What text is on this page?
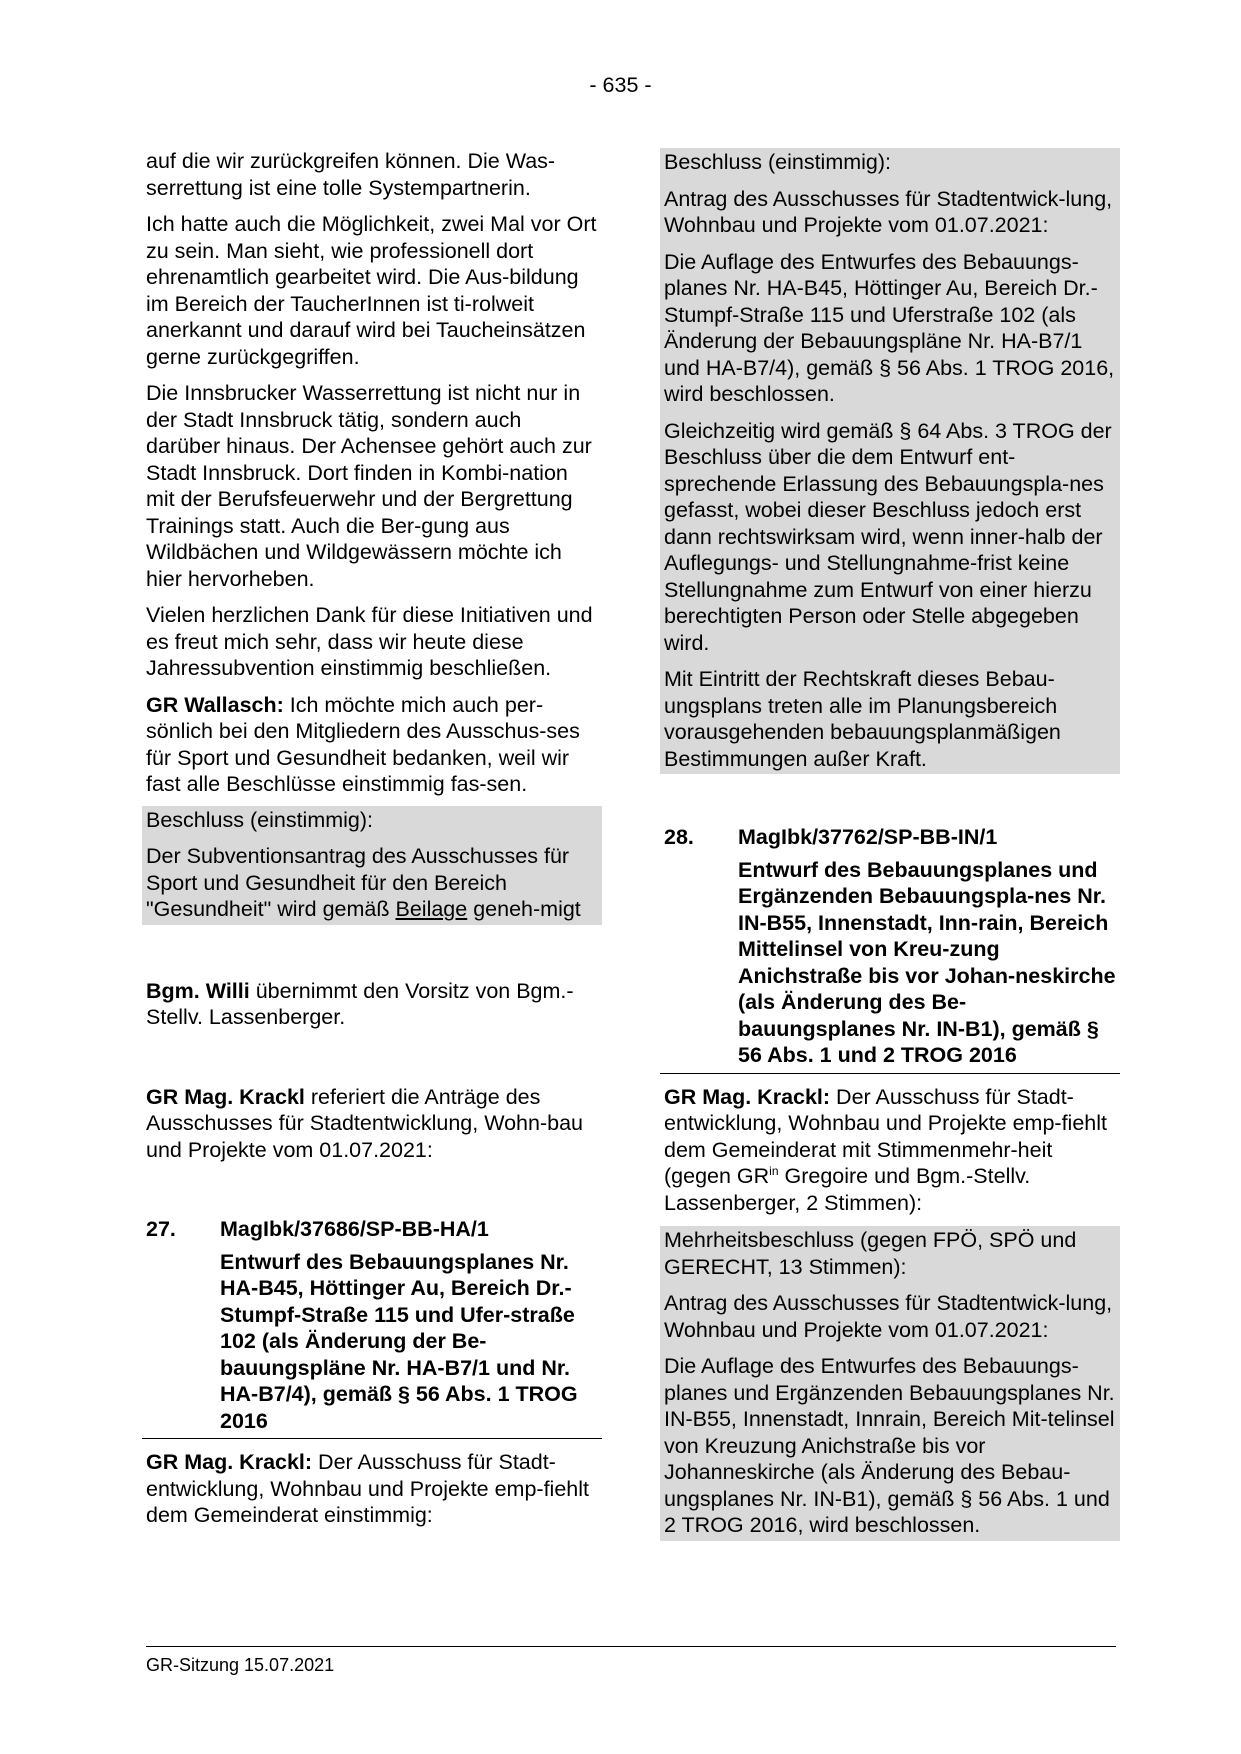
- 635 -

auf die wir zurückgreifen können. Die Was-serrettung ist eine tolle Systempartnerin.

Ich hatte auch die Möglichkeit, zwei Mal vor Ort zu sein. Man sieht, wie professionell dort ehrenamtlich gearbeitet wird. Die Aus-bildung im Bereich der TaucherInnen ist ti-rolweit anerkannt und darauf wird bei Taucheinsätzen gerne zurückgegriffen.

Die Innsbrucker Wasserrettung ist nicht nur in der Stadt Innsbruck tätig, sondern auch darüber hinaus. Der Achensee gehört auch zur Stadt Innsbruck. Dort finden in Kombi-nation mit der Berufsfeuerwehr und der Bergrettung Trainings statt. Auch die Ber-gung aus Wildbächen und Wildgewässern möchte ich hier hervorheben.

Vielen herzlichen Dank für diese Initiativen und es freut mich sehr, dass wir heute diese Jahressubvention einstimmig beschließen.

GR Wallasch: Ich möchte mich auch per-sönlich bei den Mitgliedern des Ausschus-ses für Sport und Gesundheit bedanken, weil wir fast alle Beschlüsse einstimmig fas-sen.

Beschluss (einstimmig):

Der Subventionsantrag des Ausschusses für Sport und Gesundheit für den Bereich "Gesundheit" wird gemäß Beilage geneh-migt

Bgm. Willi übernimmt den Vorsitz von Bgm.-Stellv. Lassenberger.

GR Mag. Krackl referiert die Anträge des Ausschusses für Stadtentwicklung, Wohn-bau und Projekte vom 01.07.2021:

27.	MagIbk/37686/SP-BB-HA/1
Entwurf des Bebauungsplanes Nr. HA-B45, Höttinger Au, Bereich Dr.-Stumpf-Straße 115 und Ufer-straße 102 (als Änderung der Be-bauungspläne Nr. HA-B7/1 und Nr. HA-B7/4), gemäß § 56 Abs. 1 TROG 2016

GR Mag. Krackl: Der Ausschuss für Stadt-entwicklung, Wohnbau und Projekte emp-fiehlt dem Gemeinderat einstimmig:

Beschluss (einstimmig):

Antrag des Ausschusses für Stadtentwick-lung, Wohnbau und Projekte vom 01.07.2021:

Die Auflage des Entwurfes des Bebauungs-planes Nr. HA-B45, Höttinger Au, Bereich Dr.-Stumpf-Straße 115 und Uferstraße 102 (als Änderung der Bebauungspläne Nr. HA-B7/1 und HA-B7/4), gemäß § 56 Abs. 1 TROG 2016, wird beschlossen.

Gleichzeitig wird gemäß § 64 Abs. 3 TROG der Beschluss über die dem Entwurf ent-sprechende Erlassung des Bebauungspla-nes gefasst, wobei dieser Beschluss jedoch erst dann rechtswirksam wird, wenn inner-halb der Auflegungs- und Stellungnahme-frist keine Stellungnahme zum Entwurf von einer hierzu berechtigten Person oder Stelle abgegeben wird.

Mit Eintritt der Rechtskraft dieses Bebau-ungsplans treten alle im Planungsbereich vorausgehenden bebauungsplanmäßigen Bestimmungen außer Kraft.

28.	MagIbk/37762/SP-BB-IN/1
Entwurf des Bebauungsplanes und Ergänzenden Bebauungspla-nes Nr. IN-B55, Innenstadt, Inn-rain, Bereich Mittelinsel von Kreu-zung Anichstraße bis vor Johan-neskirche (als Änderung des Be-bauungsplanes Nr. IN-B1), gemäß § 56 Abs. 1 und 2 TROG 2016

GR Mag. Krackl: Der Ausschuss für Stadt-entwicklung, Wohnbau und Projekte emp-fiehlt dem Gemeinderat mit Stimmenmehr-heit (gegen $GR^{in}$ Gregoire und Bgm.-Stellv. Lassenberger, 2 Stimmen):

Mehrheitsbeschluss (gegen FPÖ, SPÖ und GERECHT, 13 Stimmen):

Antrag des Ausschusses für Stadtentwick-lung, Wohnbau und Projekte vom 01.07.2021:

Die Auflage des Entwurfes des Bebauungs-planes und Ergänzenden Bebauungsplanes Nr. IN-B55, Innenstadt, Innrain, Bereich Mit-telinsel von Kreuzung Anichstraße bis vor Johanneskirche (als Änderung des Bebau-ungsplanes Nr. IN-B1), gemäß § 56 Abs. 1 und 2 TROG 2016, wird beschlossen.

GR-Sitzung 15.07.2021
